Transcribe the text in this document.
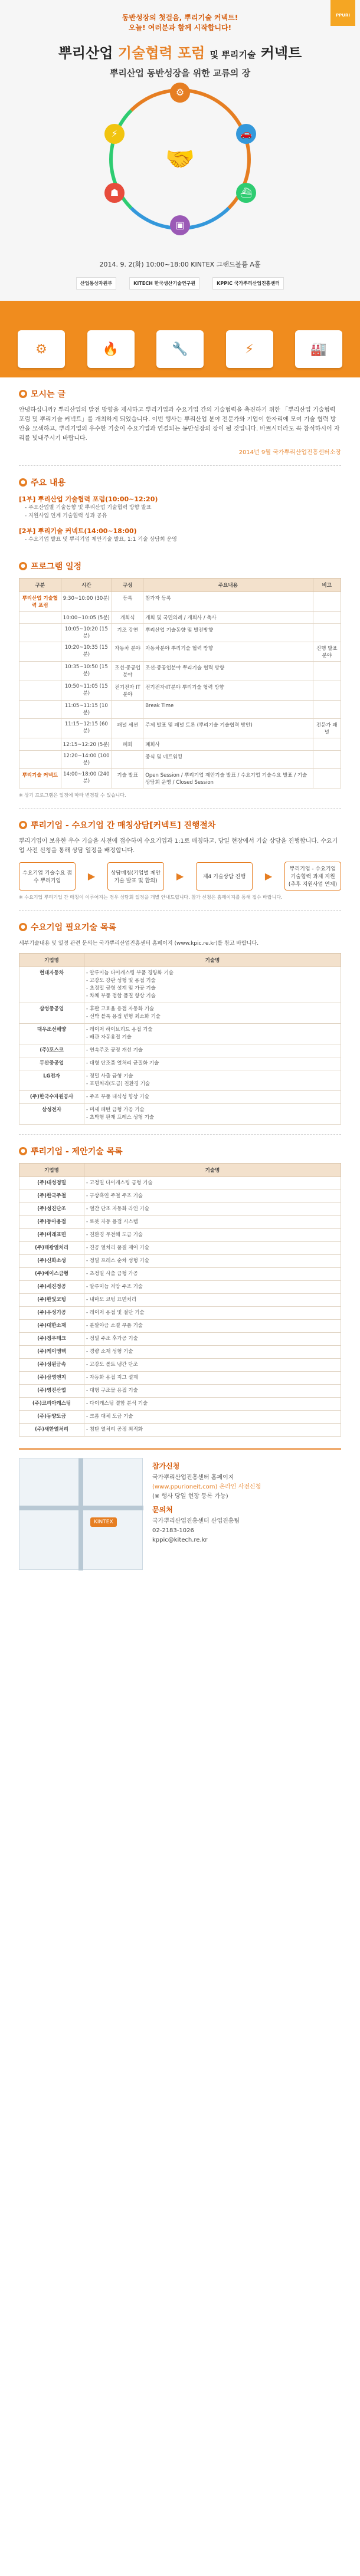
PPURI
동반성장의 첫걸음, 뿌리기술 커넥트!
오늘! 여러분과 함께 시작합니다!
뿌리산업 기술협력 포럼 및 뿌리기술 커넥트
뿌리산업 동반성장을 위한 교류의 장
⚙
🚗
⛴
▣
☗
⚡
🤝
2014. 9. 2(화) 10:00~18:00 KINTEX 그랜드볼룸 A홀
산업통상자원부	KITECH 한국생산기술연구원	KPPIC 국가뿌리산업진흥센터
⚙	🔥	🔧	⚡	🏭
● 모시는 글

안녕하십니까? 뿌리산업의 발전 방향을 제시하고 뿌리기업과 수요기업 간의 기술협력을 촉진하기 위한 「뿌리산업 기술협력 포럼 및 뿌리기술 커넥트」를 개최하게 되었습니다. 이번 행사는 뿌리산업 분야 전문가와 기업이 한자리에 모여 기술 협력 방안을 모색하고, 뿌리기업의 우수한 기술이 수요기업과 연결되는 동반성장의 장이 될 것입니다. 바쁘시더라도 꼭 참석하시어 자리를 빛내주시기 바랍니다.

2014년 9월 국가뿌리산업진흥센터소장
● 주요 내용
[1부] 뿌리산업 기술협력 포럼(10:00~12:20)
- 주요산업별 기술동향 및 뿌리산업 기술협력 방향 발표
- 지원사업 연계 기술협력 성과 공유
[2부] 뿌리기술 커넥트(14:00~18:00)
- 수요기업 발표 및 뿌리기업 제안기술 발표, 1:1 기술 상담회 운영
● 프로그램 일정
구분	시간	구성	주요내용	비고
뿌리산업 기술협력 포럼	9:30~10:00 (30분)	등록	참가자 등록	
	10:00~10:05 (5분)	개회식	개회 및 국민의례 / 개회사 / 축사	
	10:05~10:20 (15분)	기조 강연	뿌리산업 기술동향 및 발전방향	
	10:20~10:35 (15분)	자동차 분야	자동차분야 뿌리기술 협력 방향	진행 발표 분야
	10:35~10:50 (15분)	조선·중공업 분야	조선·중공업분야 뿌리기술 협력 방향	
	10:50~11:05 (15분)	전기전자 IT 분야	전기전자·IT분야 뿌리기술 협력 방향	
	11:05~11:15 (10분)		Break Time	
	11:15~12:15 (60분)	패널 세션	주제 발표 및 패널 토론 (뿌리기술 기술협력 방안)	전문가 패널
	12:15~12:20 (5분)	폐회	폐회사	
	12:20~14:00 (100분)		중식 및 네트워킹	
뿌리기술 커넥트	14:00~18:00 (240분)	기술 발표	Open Session / 뿌리기업 제안기술 발표 / 수요기업 기술수요 발표 / 기술상담회 운영 / Closed Session	
※ 상기 프로그램은 일정에 따라 변경될 수 있습니다.
● 뿌리기업 - 수요기업 간 매칭상담[커넥트] 진행절차

뿌리기업이 보유한 우수 기술을 사전에 접수하여 수요기업과 1:1로 매칭하고, 당일 현장에서 기술 상담을 진행합니다. 수요기업 사전 신청을 통해 상담 일정을 배정합니다.

수요기업 기술수요 접수 뿌리기업	▶	상담매칭(기업별 제안기술 발표 및 합의)	▶	제4 기술상담 진행	▶
뿌리기업 - 수요기업 기술협력 과제 지원 (추후 지원사업 연계)
※ 수요기업 뿌리기업 간 매칭이 이루어지는 경우 상담회 일정을 개별 안내드립니다. 참가 신청은 홈페이지를 통해 접수 바랍니다.
● 수요기업 필요기술 목록

세부기술내용 및 일정 관련 문의는 국가뿌리산업진흥센터 홈페이지 (www.kpic.re.kr)를 참고 바랍니다.

기업명	기술명
현대자동차	- 알루미늄 다이캐스팅 부품 경량화 기술
- 고강도 강판 성형 및 용접 기술
- 초정밀 금형 설계 및 가공 기술
- 차체 부품 접합 품질 향상 기술
삼성중공업	- 후판 고효율 용접 자동화 기술
- 선박 블록 용접 변형 최소화 기술
대우조선해양	- 레이저 하이브리드 용접 기술
- 배관 자동용접 기술
(주)포스코	- 연속주조 공정 개선 기술
두산중공업	- 대형 단조품 열처리 균질화 기술
LG전자	- 정밀 사출 금형 기술
- 표면처리(도금) 친환경 기술
(주)한국수자원공사	- 주조 부품 내식성 향상 기술
삼성전자	- 미세 패턴 금형 가공 기술
- 초박형 판재 프레스 성형 기술
● 뿌리기업 - 제안기술 목록
기업명	기술명
(주)대성정밀	- 고정밀 다이캐스팅 금형 기술
(주)한국주철	- 구상흑연 주철 주조 기술
(주)성진단조	- 열간 단조 자동화 라인 기술
(주)동아용접	- 로봇 자동 용접 시스템
(주)미래표면	- 친환경 무전해 도금 기술
(주)태광열처리	- 진공 열처리 품질 제어 기술
(주)신화소성	- 정밀 프레스 순차 성형 기술
(주)에이스금형	- 초정밀 사출 금형 가공
(주)세진정공	- 알루미늄 저압 주조 기술
(주)한빛코팅	- 내마모 코팅 표면처리
(주)우성기공	- 레이저 용접 및 절단 기술
(주)대한소재	- 분말야금 소결 부품 기술
(주)정우테크	- 정밀 주조 후가공 기술
(주)케이엠텍	- 경량 소재 성형 기술
(주)성원금속	- 고강도 볼트 냉간 단조
(주)삼영엔지	- 자동화 용접 지그 설계
(주)영진산업	- 대형 구조물 용접 기술
(주)코리아캐스팅	- 다이캐스팅 결함 분석 기술
(주)동양도금	- 크롬 대체 도금 기술
(주)새한열처리	- 침탄 열처리 공정 최적화
KINTEX
참가신청
국가뿌리산업진흥센터 홈페이지
(www.ppurioneit.com) 온라인 사전신청
(※ 행사 당일 현장 등록 가능)
문의처
국가뿌리산업진흥센터 산업진흥팀
02-2183-1026
kppic@kitech.re.kr
